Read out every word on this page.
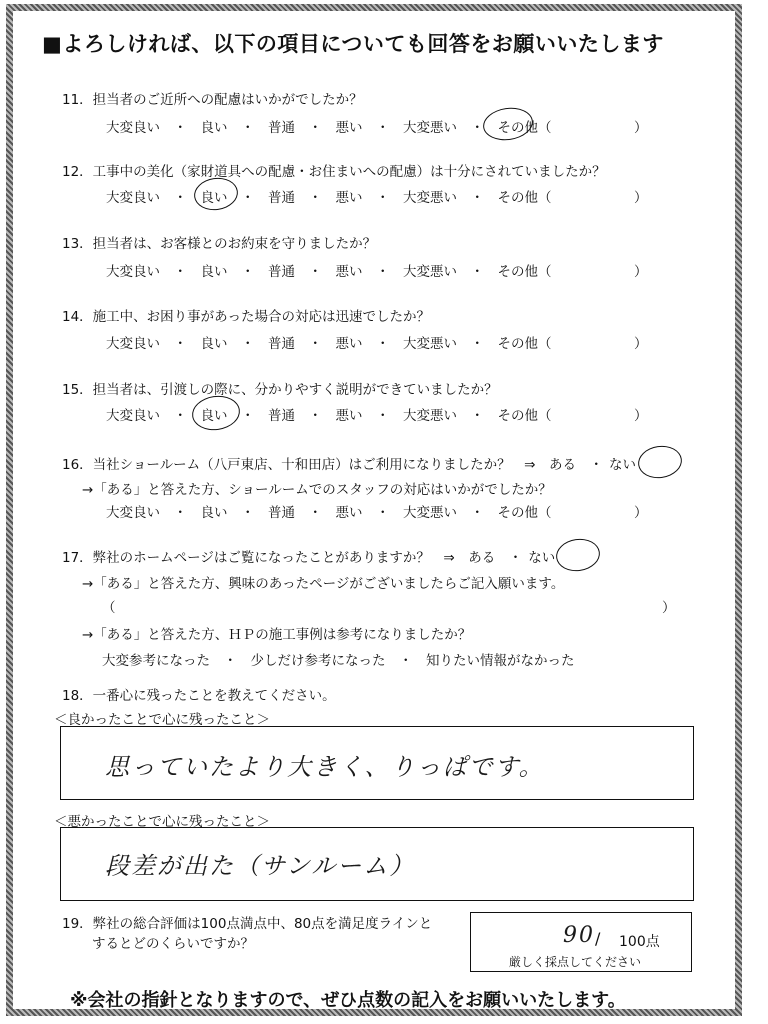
■よろしければ、以下の項目についても回答をお願いいたします
11．担当者のご近所への配慮はいかがでしたか？
大変良い　・　良い　・　普通　・　悪い　・　大変悪い　・　その他（	）
12．工事中の美化（家財道具への配慮・お住まいへの配慮）は十分にされていましたか？
大変良い　・　良い　・　普通　・　悪い　・　大変悪い　・　その他（	）
13．担当者は、お客様とのお約束を守りましたか？
大変良い　・　良い　・　普通　・　悪い　・　大変悪い　・　その他（	）
14．施工中、お困り事があった場合の対応は迅速でしたか？
大変良い　・　良い　・　普通　・　悪い　・　大変悪い　・　その他（	）
15．担当者は、引渡しの際に、分かりやすく説明ができていましたか？
大変良い　・　良い　・　普通　・　悪い　・　大変悪い　・　その他（	）
16．当社ショールーム（八戸東店、十和田店）はご利用になりましたか？　⇒　ある　・ ない
→「ある」と答えた方、ショールームでのスタッフの対応はいかがでしたか？
大変良い　・　良い　・　普通　・　悪い　・　大変悪い　・　その他（	）
17．弊社のホームページはご覧になったことがありますか？　⇒　ある　・ ない
→「ある」と答えた方、興味のあったページがございましたらご記入願います。
（	）
→「ある」と答えた方、ＨＰの施工事例は参考になりましたか？
大変参考になった　・　少しだけ参考になった　・　知りたい情報がなかった
18．一番心に残ったことを教えてください。
＜良かったことで心に残ったこと＞
思っていたより大きく、りっぱです。
＜悪かったことで心に残ったこと＞
段差が出た（サンルーム）
19．弊社の総合評価は100点満点中、80点を満足度ラインと
するとどのくらいですか？	90 / 100点
厳しく採点してください
※会社の指針となりますので、ぜひ点数の記入をお願いいたします。
